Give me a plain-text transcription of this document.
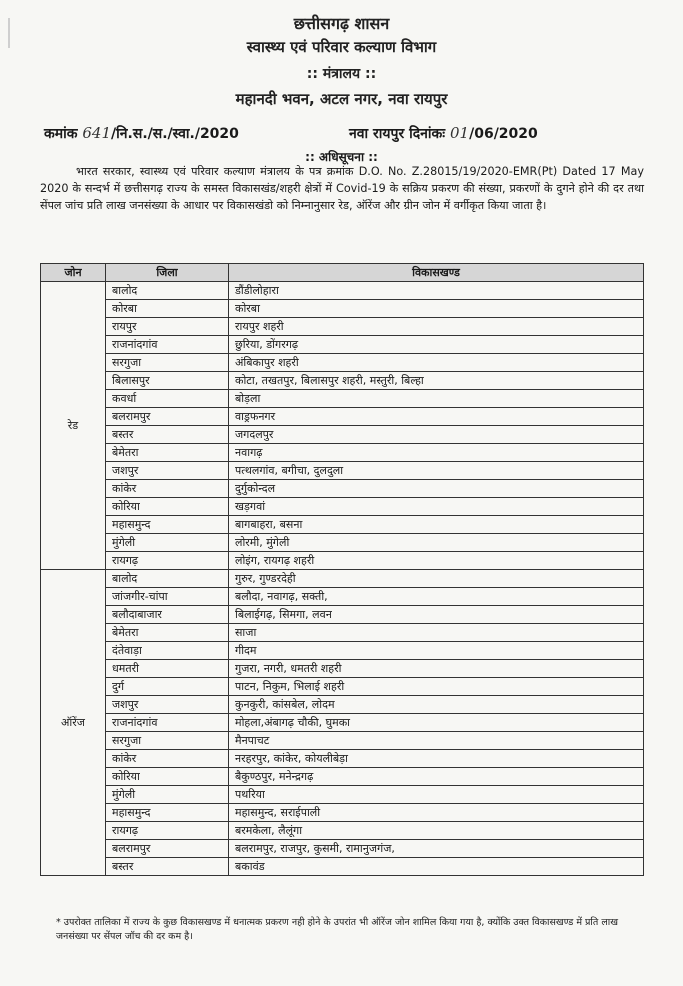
छत्तीसगढ़ शासन
स्वास्थ्य एवं परिवार कल्याण विभाग
:: मंत्रालय ::
महानदी भवन, अटल नगर, नवा रायपुर
कमांक 641/नि.स./स./स्वा./2020	नवा रायपुर दिनांकः 01/06/2020
:: अधिसूचना ::
भारत सरकार, स्वास्थ्य एवं परिवार कल्याण मंत्रालय के पत्र क्रमांक D.O. No. Z.28015/19/2020-EMR(Pt) Dated 17 May 2020 के सन्दर्भ में छत्तीसगढ़ राज्य के समस्त विकासखंड/शहरी क्षेत्रों में Covid-19 के सक्रिय प्रकरण की संख्या, प्रकरणों के दुगने होने की दर तथा सेंपल जांच प्रति लाख जनसंख्या के आधार पर विकासखंडो को निम्नानुसार रेड, ऑरेंज और ग्रीन जोन में वर्गीकृत किया जाता है।
जोन	जिला	विकासखण्ड
रेड	बालोद	डौंडीलोहारा
	कोरबा	कोरबा
	रायपुर	रायपुर शहरी
	राजनांदगांव	छुरिया, डोंगरगढ़
	सरगुजा	अंबिकापुर शहरी
	बिलासपुर	कोटा, तखतपुर, बिलासपुर शहरी, मस्तुरी, बिल्हा
	कवर्धा	बोड़ला
	बलरामपुर	वाड्रफनगर
	बस्तर	जगदलपुर
	बेमेतरा	नवागढ़
	जशपुर	पत्थलगांव, बगीचा, दुलदुला
	कांकेर	दुर्गुकोन्दल
	कोरिया	खड़गवां
	महासमुन्द	बागबाहरा, बसना
	मुंगेली	लोरमी, मुंगेली
	रायगढ़	लोइंग, रायगढ़ शहरी
ऑरेंज	बालोद	गुरुर, गुण्डरदेही
	जांजगीर-चांपा	बलौदा, नवागढ़, सक्ती,
	बलौदाबाजार	बिलाईगढ़, सिमगा, लवन
	बेमेतरा	साजा
	दंतेवाड़ा	गीदम
	धमतरी	गुजरा, नगरी, धमतरी शहरी
	दुर्ग	पाटन, निकुम, भिलाई शहरी
	जशपुर	कुनकुरी, कांसबेल, लोदम
	राजनांदगांव	मोहला,अंबागढ़ चौकी, घुमका
	सरगुजा	मैनपाचट
	कांकेर	नरहरपुर, कांकेर, कोयलीबेड़ा
	कोरिया	बैकुण्ठपुर, मनेन्द्रगढ़
	मुंगेली	पथरिया
	महासमुन्द	महासमुन्द, सराईपाली
	रायगढ़	बरमकेला, लैलूंगा
	बलरामपुर	बलरामपुर, राजपुर, कुसमी, रामानुजगंज,
	बस्तर	बकावंड
* उपरोक्त तालिका में राज्य के कुछ विकासखण्ड में धनात्मक प्रकरण नही होने के उपरांत भी ऑरेंज जोन शामिल किया गया है, क्योंकि उक्त विकासखण्ड में प्रति लाख जनसंख्या पर सेंपल जॉच की दर कम है।
